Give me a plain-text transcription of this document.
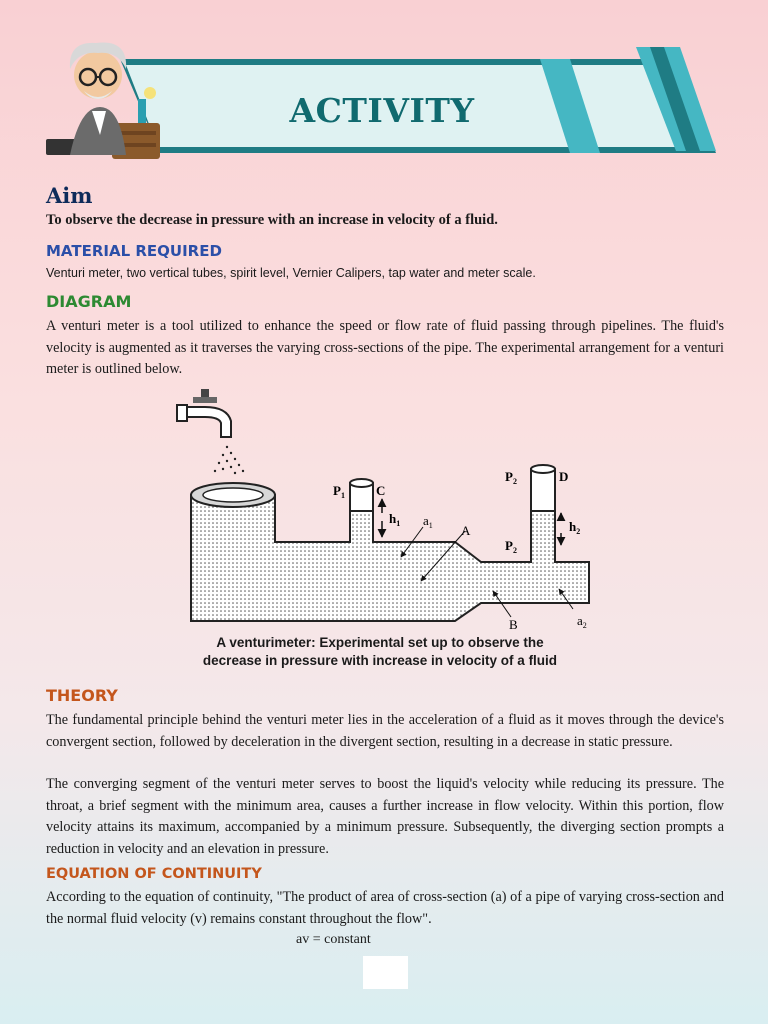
ACTIVITY
Aim
To observe the decrease in pressure with an increase in velocity of a fluid.
MATERIAL REQUIRED
Venturi meter, two vertical tubes, spirit level, Vernier Calipers, tap water and meter scale.
DIAGRAM
A venturi meter is a tool utilized to enhance the speed or flow rate of fluid passing through pipelines. The fluid's velocity is augmented as it traverses the varying cross-sections of the pipe. The experimental arrangement for a venturi meter is outlined below.
$P_1$ C
$h_1$ $a_1$ A
$P_2$	D
$h_2$
$P_2$
B	$a_2$
A venturimeter: Experimental set up to observe the
decrease in pressure with increase in velocity of a fluid
THEORY
The fundamental principle behind the venturi meter lies in the acceleration of a fluid as it moves through the device's convergent section, followed by deceleration in the divergent section, resulting in a decrease in static pressure.
The converging segment of the venturi meter serves to boost the liquid's velocity while reducing its pressure. The throat, a brief segment with the minimum area, causes a further increase in flow velocity. Within this portion, flow velocity attains its maximum, accompanied by a minimum pressure. Subsequently, the diverging section prompts a reduction in velocity and an elevation in pressure.
EQUATION OF CONTINUITY
According to the equation of continuity, "The product of area of cross-section (a) of a pipe of varying cross-section and the normal fluid velocity (v) remains constant throughout the flow".
av = constant
